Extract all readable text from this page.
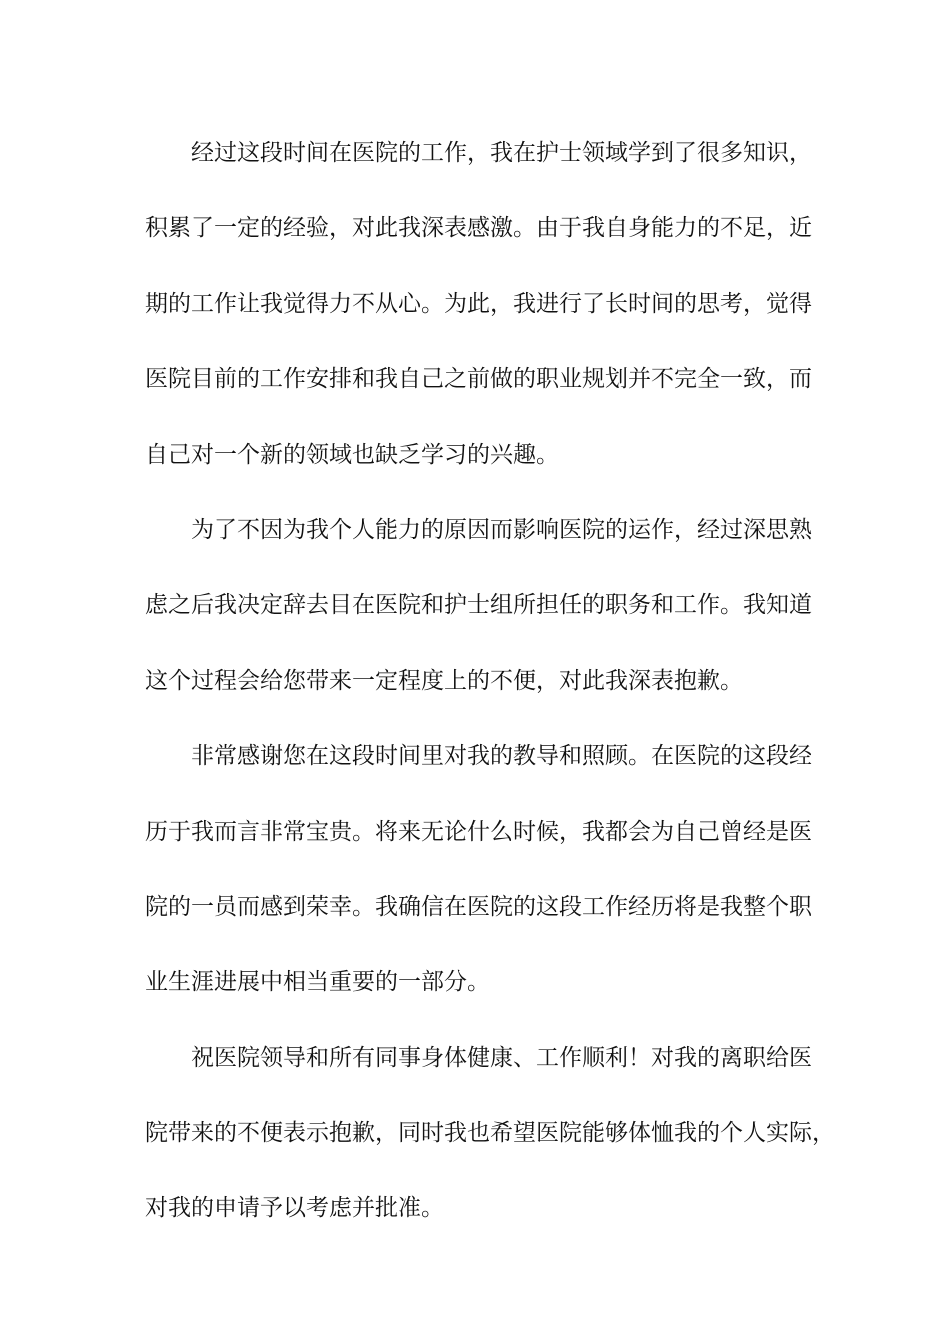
经过这段时间在医院的工作，我在护士领域学到了很多知识，
积累了一定的经验，对此我深表感激。由于我自身能力的不足，近
期的工作让我觉得力不从心。为此，我进行了长时间的思考，觉得
医院目前的工作安排和我自己之前做的职业规划并不完全一致，而
自己对一个新的领域也缺乏学习的兴趣。
为了不因为我个人能力的原因而影响医院的运作，经过深思熟
虑之后我决定辞去目在医院和护士组所担任的职务和工作。我知道
这个过程会给您带来一定程度上的不便，对此我深表抱歉。
非常感谢您在这段时间里对我的教导和照顾。在医院的这段经
历于我而言非常宝贵。将来无论什么时候，我都会为自己曾经是医
院的一员而感到荣幸。我确信在医院的这段工作经历将是我整个职
业生涯进展中相当重要的一部分。
祝医院领导和所有同事身体健康、工作顺利！对我的离职给医
院带来的不便表示抱歉，同时我也希望医院能够体恤我的个人实际，
对我的申请予以考虑并批准。
